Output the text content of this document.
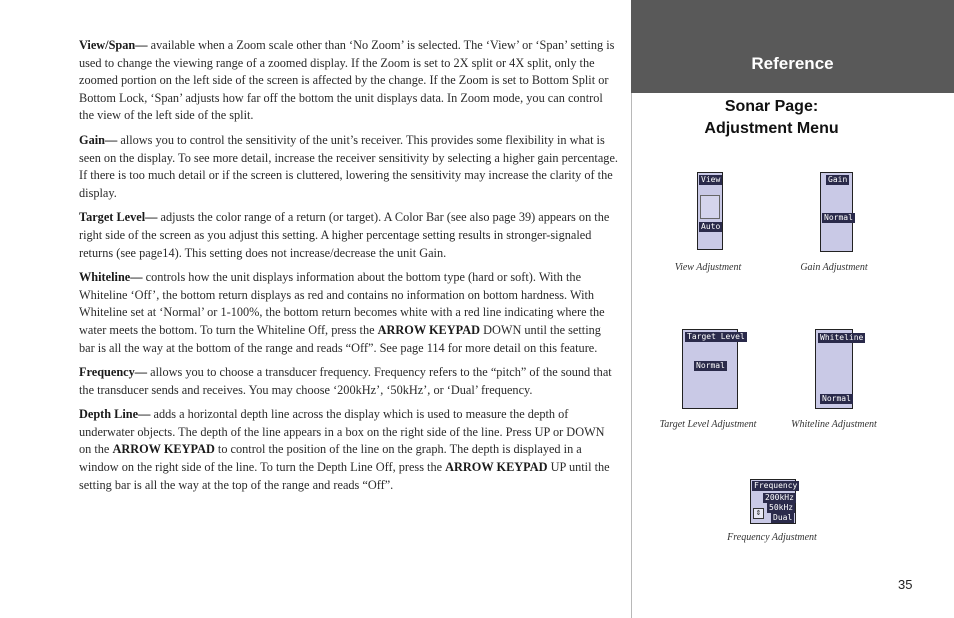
View/Span— available when a Zoom scale other than ‘No Zoom’ is selected. The ‘View’ or ‘Span’ setting is used to change the viewing range of a zoomed display. If the Zoom is set to 2X split or 4X split, only the zoomed portion on the left side of the screen is affected by the change. If the Zoom is set to Bottom Split or Bottom Lock, ‘Span’ adjusts how far off the bottom the unit displays data. In Zoom mode, you can control the view of the left side of the split.

Gain— allows you to control the sensitivity of the unit’s receiver. This provides some flexibility in what is seen on the display. To see more detail, increase the receiver sensitivity by selecting a higher gain percentage. If there is too much detail or if the screen is cluttered, lowering the sensitivity may increase the clarity of the display.

Target Level— adjusts the color range of a return (or target). A Color Bar (see also page 39) appears on the right side of the screen as you adjust this setting. A higher percentage setting results in stronger-signaled returns (see page14). This setting does not increase/decrease the unit Gain.

Whiteline— controls how the unit displays information about the bottom type (hard or soft). With the Whiteline ‘Off’, the bottom return displays as red and contains no information on bottom hardness. With Whiteline set at ‘Normal’ or 1-100%, the bottom return becomes white with a red line indicating where the water meets the bottom. To turn the Whiteline Off, press the ARROW KEYPAD DOWN until the setting bar is all the way at the bottom of the range and reads “Off”. See page 114 for more detail on this feature.

Frequency— allows you to choose a transducer frequency. Frequency refers to the “pitch” of the sound that the transducer sends and receives. You may choose ‘200kHz’, ‘50kHz’, or ‘Dual’ frequency.

Depth Line— adds a horizontal depth line across the display which is used to measure the depth of underwater objects. The depth of the line appears in a box on the right side of the line. Press UP or DOWN on the ARROW KEYPAD to control the position of the line on the graph. The depth is displayed in a window on the right side of the line. To turn the Depth Line Off, press the ARROW KEYPAD UP until the setting bar is all the way at the top of the range and reads “Off”.

Reference
Sonar Page:
Adjustment Menu
View
Auto
View Adjustment
Gain
Normal
Gain Adjustment
Target Level
Normal
Target Level Adjustment
Whiteline
Normal
Whiteline Adjustment
Frequency
⇕
200kHz
50kHz
Dual
Frequency Adjustment
35
